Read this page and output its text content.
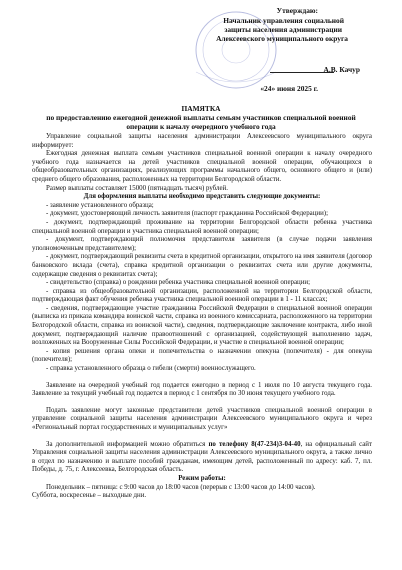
Утверждаю:
Начальник управления социальной
защиты населения администрации
Алексеевского муниципального округа
А.В. Качур
«24» июня 2025 г.
ПАМЯТКА
по предоставлению ежегодной денежной выплаты семьям участников специальной военной
операции к началу очередного учебного года
Управление социальной защиты населения администрации Алексеевского муниципального округа информирует:
Ежегодная денежная выплата семьям участников специальной военной операции к началу очередного учебного года назначается на детей участников специальной военной операции, обучающихся в общеобразовательных организациях, реализующих программы начального общего, основного общего и (или) среднего общего образования, расположенных на территории Белгородской области.
Размер выплаты составляет 15000 (пятнадцать тысяч) рублей.
Для оформления выплаты необходимо представить следующие документы:
- заявление установленного образца;
- документ, удостоверяющий личность заявителя (паспорт гражданина Российской Федерации);
- документ, подтверждающий проживание на территории Белгородской области ребенка участника специальной военной операции и участника специальной военной операции;
- документ, подтверждающий полномочия представителя заявителя (в случае подачи заявления уполномоченным представителем);
- документ, подтверждающий реквизиты счета в кредитной организации, открытого на имя заявителя (договор банковского вклада (счета), справка кредитной организации о реквизитах счета или другие документы, содержащие сведения о реквизитах счета);
- свидетельство (справка) о рождении ребенка участника специальной военной операции;
- справка из общеобразовательной организации, расположенной на территории Белгородской области, подтверждающая факт обучения ребенка участника специальной военной операции в 1 - 11 классах;
- сведения, подтверждающие участие гражданина Российской Федерации в специальной военной операции (выписка из приказа командира воинской части, справка из военного комиссариата, расположенного на территории Белгородской области, справка из воинской части), сведения, подтверждающие заключение контракта, либо иной документ, подтверждающий наличие правоотношений с организацией, содействующей выполнению задач, возложенных на Вооруженные Силы Российской Федерации, и участие в специальной военной операции;
- копия решения органа опеки и попечительства о назначении опекуна (попечителя) - для опекуна (попечителя);
- справка установленного образца о гибели (смерти) военнослужащего.
Заявление на очередной учебный год подается ежегодно в период с 1 июля по 10 августа текущего года. Заявление за текущий учебный год подается в период с 1 сентября по 30 июня текущего учебного года.
Подать заявление могут законные представители детей участников специальной военной операции в управление социальной защиты населения администрации Алексеевского муниципального округа и через «Региональный портал государственных и муниципальных услуг»
За дополнительной информацией можно обратиться по телефону 8(47-234)3-04-40, на официальный сайт Управления социальной защиты населения администрации Алексеевского муниципального округа, а также лично в отдел по назначению и выплате пособий гражданам, имеющим детей, расположенный по адресу: каб. 7, пл. Победы, д. 75, г. Алексеевка, Белгородская область.
Режим работы:
Понедельник – пятница: с 9:00 часов до 18:00 часов (перерыв с 13:00 часов до 14:00 часов).
Суббота, воскресенье – выходные дни.
